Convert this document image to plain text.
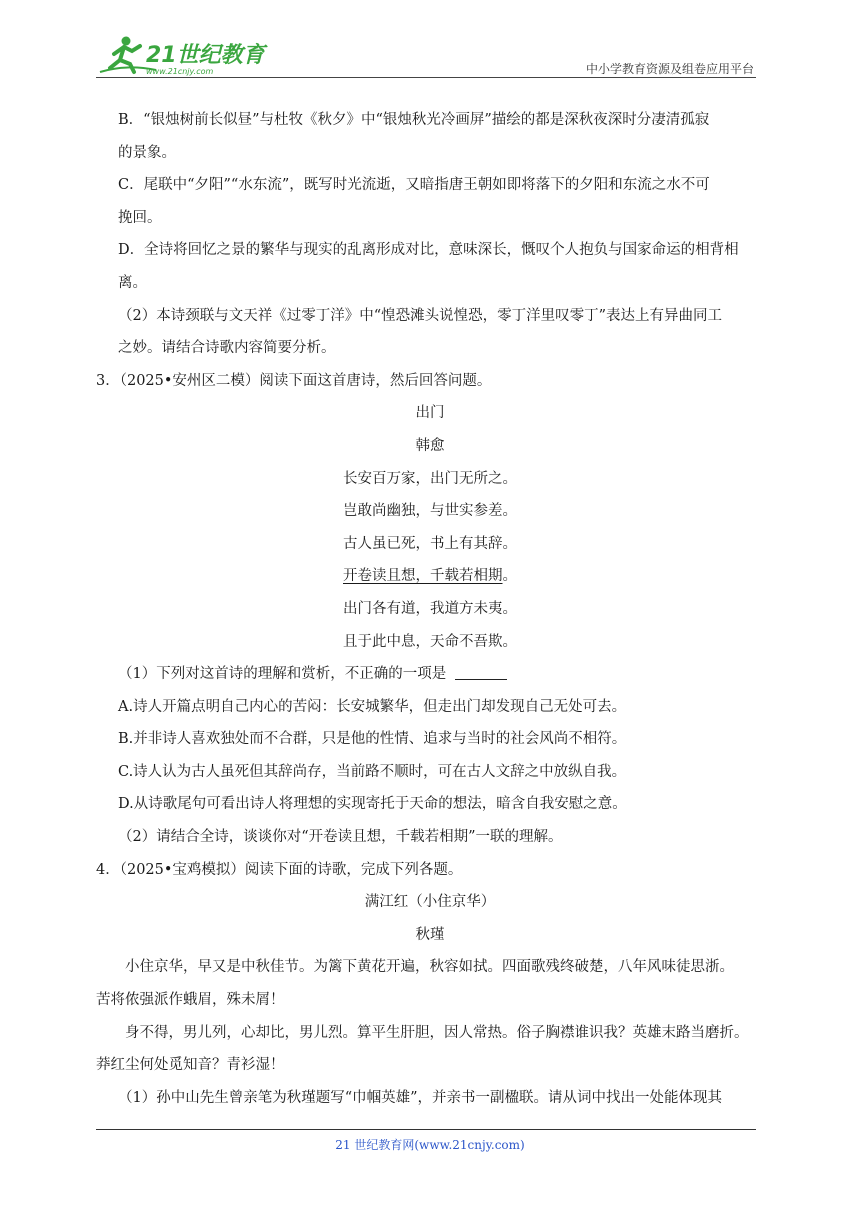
21世纪教育
www.21cnjy.com	中小学教育资源及组卷应用平台
B．“银烛树前长似昼”与杜牧《秋夕》中“银烛秋光冷画屏”描绘的都是深秋夜深时分凄清孤寂
的景象。
C．尾联中“夕阳”“水东流”，既写时光流逝，又暗指唐王朝如即将落下的夕阳和东流之水不可
挽回。
D．全诗将回忆之景的繁华与现实的乱离形成对比，意味深长，慨叹个人抱负与国家命运的相背相
离。
（2）本诗颈联与文天祥《过零丁洋》中“惶恐滩头说惶恐，零丁洋里叹零丁”表达上有异曲同工
之妙。请结合诗歌内容简要分析。
3．（2025•安州区二模）阅读下面这首唐诗，然后回答问题。
出门
韩愈
长安百万家，出门无所之。
岂敢尚幽独，与世实参差。
古人虽已死，书上有其辞。
开卷读且想，千载若相期。
出门各有道，我道方未夷。
且于此中息，天命不吾欺。
（1）下列对这首诗的理解和赏析，不正确的一项是
A.诗人开篇点明自己内心的苦闷：长安城繁华，但走出门却发现自己无处可去。
B.并非诗人喜欢独处而不合群，只是他的性情、追求与当时的社会风尚不相符。
C.诗人认为古人虽死但其辞尚存，当前路不顺时，可在古人文辞之中放纵自我。
D.从诗歌尾句可看出诗人将理想的实现寄托于天命的想法，暗含自我安慰之意。
（2）请结合全诗，谈谈你对“开卷读且想，千载若相期”一联的理解。
4．（2025•宝鸡模拟）阅读下面的诗歌，完成下列各题。
满江红（小住京华）
秋瑾
小住京华，早又是中秋佳节。为篱下黄花开遍，秋容如拭。四面歌残终破楚，八年风味徒思浙。
苦将侬强派作蛾眉，殊未屑！
身不得，男儿列，心却比，男儿烈。算平生肝胆，因人常热。俗子胸襟谁识我？英雄末路当磨折。
莽红尘何处觅知音？青衫湿！
（1）孙中山先生曾亲笔为秋瑾题写“巾帼英雄”，并亲书一副楹联。请从词中找出一处能体现其
21 世纪教育网(www.21cnjy.com)
